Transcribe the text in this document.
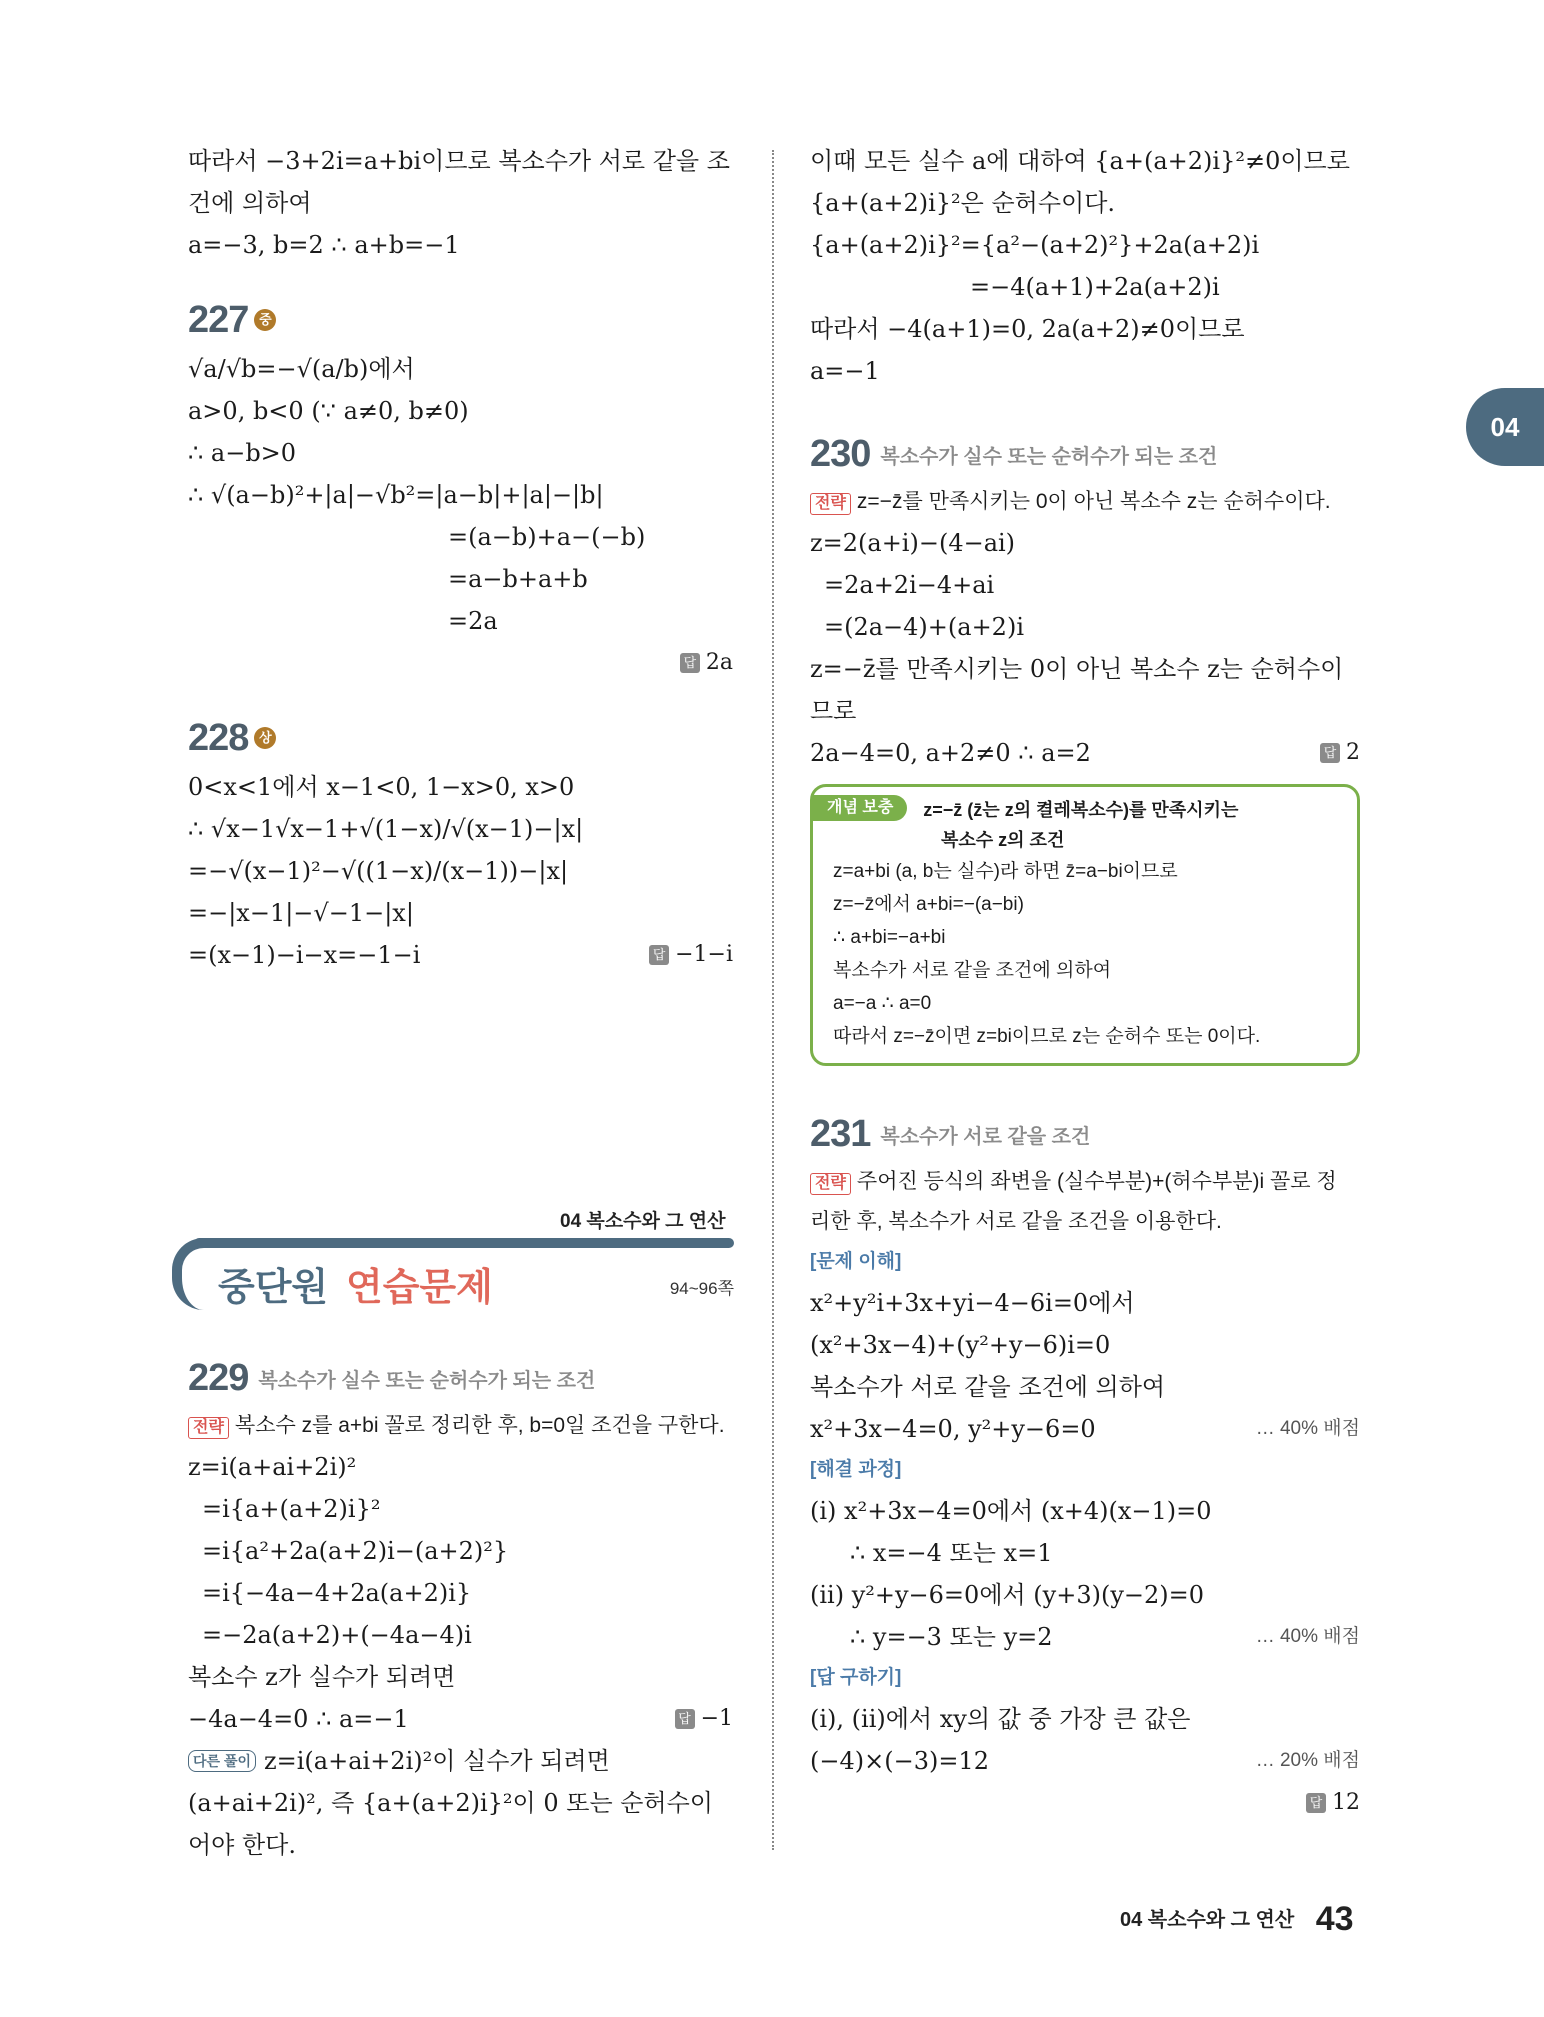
04
따라서 −3+2i=a+bi이므로 복소수가 서로 같을 조
건에 의하여
a=−3, b=2 ∴ a+b=−1
227 중
√a/√b=−√(a/b)에서
a>0, b<0 (∵ a≠0, b≠0)
∴ a−b>0
∴ √(a−b)²+|a|−√b²=|a−b|+|a|−|b|
=(a−b)+a−(−b)
=a−b+a+b
=2a
답 2a
228 상
0<x<1에서 x−1<0, 1−x>0, x>0
∴ √x−1√x−1+√(1−x)/√(x−1)−|x|
=−√(x−1)²−√((1−x)/(x−1))−|x|
=−|x−1|−√−1−|x|
=(x−1)−i−x=−1−i	답 −1−i
04 복소수와 그 연산
중단원 연습문제	94~96쪽
229 복소수가 실수 또는 순허수가 되는 조건
전략 복소수 z를 a+bi 꼴로 정리한 후, b=0일 조건을 구한다.
z=i(a+ai+2i)²
=i{a+(a+2)i}²
=i{a²+2a(a+2)i−(a+2)²}
=i{−4a−4+2a(a+2)i}
=−2a(a+2)+(−4a−4)i
복소수 z가 실수가 되려면
−4a−4=0 ∴ a=−1	답 −1
다른 풀이 z=i(a+ai+2i)²이 실수가 되려면
(a+ai+2i)², 즉 {a+(a+2)i}²이 0 또는 순허수이
어야 한다.
이때 모든 실수 a에 대하여 {a+(a+2)i}²≠0이므로
{a+(a+2)i}²은 순허수이다.
{a+(a+2)i}²={a²−(a+2)²}+2a(a+2)i
=−4(a+1)+2a(a+2)i
따라서 −4(a+1)=0, 2a(a+2)≠0이므로
a=−1
230 복소수가 실수 또는 순허수가 되는 조건
전략 z=−z̄를 만족시키는 0이 아닌 복소수 z는 순허수이다.
z=2(a+i)−(4−ai)
=2a+2i−4+ai
=(2a−4)+(a+2)i
z=−z̄를 만족시키는 0이 아닌 복소수 z는 순허수이
므로
2a−4=0, a+2≠0 ∴ a=2	답 2
개념 보충	z=−z̄ (z̄는 z의 켤레복소수)를 만족시키는
복소수 z의 조건
z=a+bi (a, b는 실수)라 하면 z̄=a−bi이므로
z=−z̄에서 a+bi=−(a−bi)
∴ a+bi=−a+bi
복소수가 서로 같을 조건에 의하여
a=−a ∴ a=0
따라서 z=−z̄이면 z=bi이므로 z는 순허수 또는 0이다.
231 복소수가 서로 같을 조건
전략 주어진 등식의 좌변을 (실수부분)+(허수부분)i 꼴로 정
리한 후, 복소수가 서로 같을 조건을 이용한다.
[문제 이해]
x²+y²i+3x+yi−4−6i=0에서
(x²+3x−4)+(y²+y−6)i=0
복소수가 서로 같을 조건에 의하여
x²+3x−4=0, y²+y−6=0	… 40% 배점
[해결 과정]
(i) x²+3x−4=0에서 (x+4)(x−1)=0
∴ x=−4 또는 x=1
(ii) y²+y−6=0에서 (y+3)(y−2)=0
∴ y=−3 또는 y=2	… 40% 배점
[답 구하기]
(i), (ii)에서 xy의 값 중 가장 큰 값은
(−4)×(−3)=12	… 20% 배점
답 12
04 복소수와 그 연산 43
